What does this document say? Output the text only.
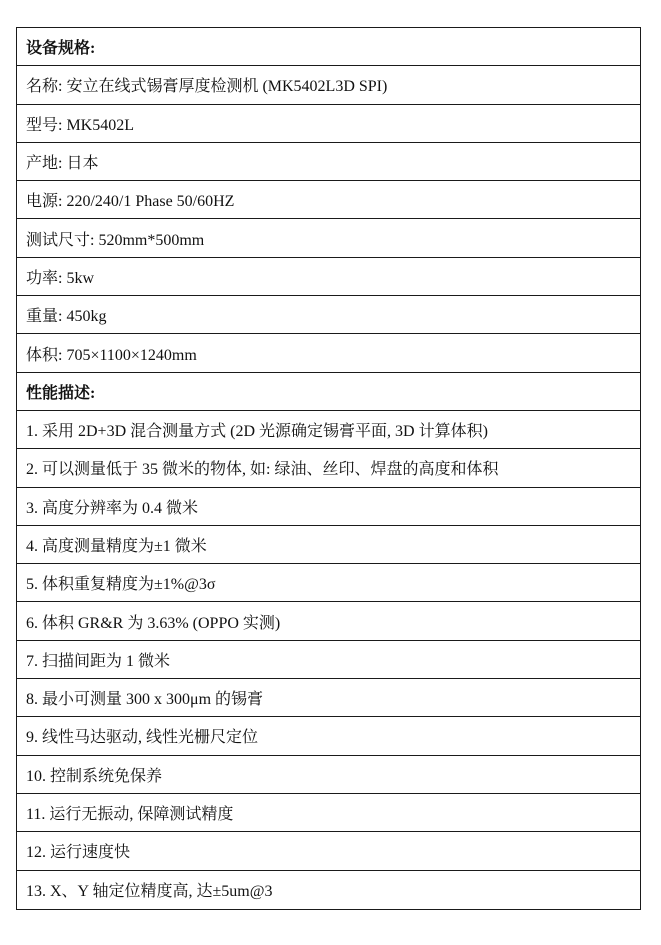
设备规格:
名称: 安立在线式锡膏厚度检测机 (MK5402L3D SPI)
型号: MK5402L
产地: 日本
电源: 220/240/1 Phase 50/60HZ
测试尺寸: 520mm*500mm
功率: 5kw
重量: 450kg
体积: 705×1100×1240mm
性能描述:
1. 采用 2D+3D 混合测量方式 (2D 光源确定锡膏平面, 3D 计算体积)
2. 可以测量低于 35 微米的物体, 如: 绿油、丝印、焊盘的高度和体积
3. 高度分辨率为 0.4 微米
4. 高度测量精度为±1 微米
5. 体积重复精度为±1%@3σ
6. 体积 GR&R 为 3.63% (OPPO 实测)
7. 扫描间距为 1 微米
8. 最小可测量 300 x 300μm 的锡膏
9. 线性马达驱动, 线性光栅尺定位
10. 控制系统免保养
11. 运行无振动, 保障测试精度
12. 运行速度快
13. X、Y 轴定位精度高, 达±5um@3
